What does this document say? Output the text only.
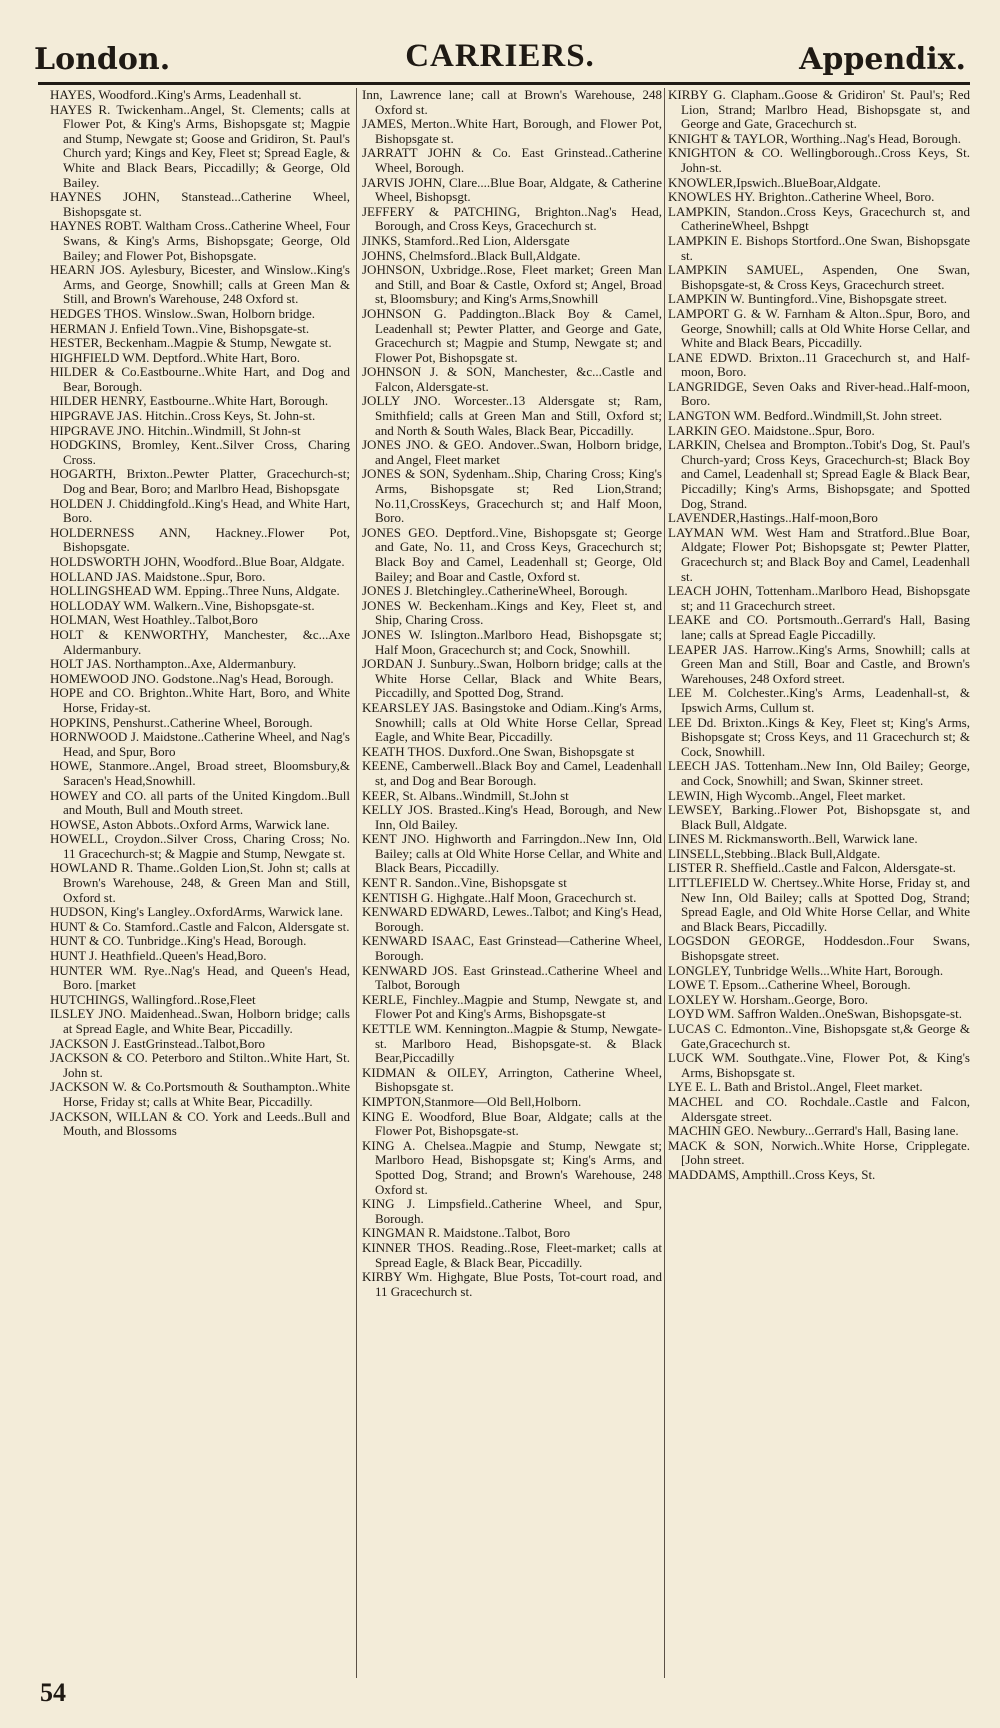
London.	CARRIERS.	Appendix.
HAYES, Woodford..King's Arms, Leadenhall st.
HAYES R. Twickenham..Angel, St. Clements; calls at Flower Pot, & King's Arms, Bishopsgate st; Magpie and Stump, Newgate st; Goose and Gridiron, St. Paul's Church yard; Kings and Key, Fleet st; Spread Eagle, & White and Black Bears, Piccadilly; & George, Old Bailey.
HAYNES JOHN, Stanstead...Catherine Wheel, Bishopsgate st.
HAYNES ROBT. Waltham Cross..Catherine Wheel, Four Swans, & King's Arms, Bishopsgate; George, Old Bailey; and Flower Pot, Bishopsgate.
HEARN JOS. Aylesbury, Bicester, and Winslow..King's Arms, and George, Snowhill; calls at Green Man & Still, and Brown's Warehouse, 248 Oxford st.
HEDGES THOS. Winslow..Swan, Holborn bridge.
HERMAN J. Enfield Town..Vine, Bishopsgate-st.
HESTER, Beckenham..Magpie & Stump, Newgate st.
HIGHFIELD WM. Deptford..White Hart, Boro.
HILDER & Co.Eastbourne..White Hart, and Dog and Bear, Borough.
HILDER HENRY, Eastbourne..White Hart, Borough.
HIPGRAVE JAS. Hitchin..Cross Keys, St. John-st.
HIPGRAVE JNO. Hitchin..Windmill, St John-st
HODGKINS, Bromley, Kent..Silver Cross, Charing Cross.
HOGARTH, Brixton..Pewter Platter, Gracechurch-st; Dog and Bear, Boro; and Marlbro Head, Bishopsgate
HOLDEN J. Chiddingfold..King's Head, and White Hart, Boro.
HOLDERNESS ANN, Hackney..Flower Pot, Bishopsgate.
HOLDSWORTH JOHN, Woodford..Blue Boar, Aldgate.
HOLLAND JAS. Maidstone..Spur, Boro.
HOLLINGSHEAD WM. Epping..Three Nuns, Aldgate.
HOLLODAY WM. Walkern..Vine, Bishopsgate-st.
HOLMAN, West Hoathley..Talbot,Boro
HOLT & KENWORTHY, Manchester, &c...Axe Aldermanbury.
HOLT JAS. Northampton..Axe, Aldermanbury.
HOMEWOOD JNO. Godstone..Nag's Head, Borough.
HOPE and CO. Brighton..White Hart, Boro, and White Horse, Friday-st.
HOPKINS, Penshurst..Catherine Wheel, Borough.
HORNWOOD J. Maidstone..Catherine Wheel, and Nag's Head, and Spur, Boro
HOWE, Stanmore..Angel, Broad street, Bloomsbury,& Saracen's Head,Snowhill.
HOWEY and CO. all parts of the United Kingdom..Bull and Mouth, Bull and Mouth street.
HOWSE, Aston Abbots..Oxford Arms, Warwick lane.
HOWELL, Croydon..Silver Cross, Charing Cross; No. 11 Gracechurch-st; & Magpie and Stump, Newgate st.
HOWLAND R. Thame..Golden Lion,St. John st; calls at Brown's Warehouse, 248, & Green Man and Still, Oxford st.
HUDSON, King's Langley..OxfordArms, Warwick lane.
HUNT & Co. Stamford..Castle and Falcon, Aldersgate st.
HUNT & CO. Tunbridge..King's Head, Borough.
HUNT J. Heathfield..Queen's Head,Boro.
HUNTER WM. Rye..Nag's Head, and Queen's Head, Boro. [market
HUTCHINGS, Wallingford..Rose,Fleet
ILSLEY JNO. Maidenhead..Swan, Holborn bridge; calls at Spread Eagle, and White Bear, Piccadilly.
JACKSON J. EastGrinstead..Talbot,Boro
JACKSON & CO. Peterboro and Stilton..White Hart, St. John st.
JACKSON W. & Co.Portsmouth & Southampton..White Horse, Friday st; calls at White Bear, Piccadilly.
JACKSON, WILLAN & CO. York and Leeds..Bull and Mouth, and Blossoms
Inn, Lawrence lane; call at Brown's Warehouse, 248 Oxford st.
JAMES, Merton..White Hart, Borough, and Flower Pot, Bishopsgate st.
JARRATT JOHN & Co. East Grinstead..Catherine Wheel, Borough.
JARVIS JOHN, Clare....Blue Boar, Aldgate, & Catherine Wheel, Bishopsgt.
JEFFERY & PATCHING, Brighton..Nag's Head, Borough, and Cross Keys, Gracechurch st.
JINKS, Stamford..Red Lion, Aldersgate
JOHNS, Chelmsford..Black Bull,Aldgate.
JOHNSON, Uxbridge..Rose, Fleet market; Green Man and Still, and Boar & Castle, Oxford st; Angel, Broad st, Bloomsbury; and King's Arms,Snowhill
JOHNSON G. Paddington..Black Boy & Camel, Leadenhall st; Pewter Platter, and George and Gate, Gracechurch st; Magpie and Stump, Newgate st; and Flower Pot, Bishopsgate st.
JOHNSON J. & SON, Manchester, &c...Castle and Falcon, Aldersgate-st.
JOLLY JNO. Worcester..13 Aldersgate st; Ram, Smithfield; calls at Green Man and Still, Oxford st; and North & South Wales, Black Bear, Piccadilly.
JONES JNO. & GEO. Andover..Swan, Holborn bridge, and Angel, Fleet market
JONES & SON, Sydenham..Ship, Charing Cross; King's Arms, Bishopsgate st; Red Lion,Strand; No.11,CrossKeys, Gracechurch st; and Half Moon, Boro.
JONES GEO. Deptford..Vine, Bishopsgate st; George and Gate, No. 11, and Cross Keys, Gracechurch st; Black Boy and Camel, Leadenhall st; George, Old Bailey; and Boar and Castle, Oxford st.
JONES J. Bletchingley..CatherineWheel, Borough.
JONES W. Beckenham..Kings and Key, Fleet st, and Ship, Charing Cross.
JONES W. Islington..Marlboro Head, Bishopsgate st; Half Moon, Gracechurch st; and Cock, Snowhill.
JORDAN J. Sunbury..Swan, Holborn bridge; calls at the White Horse Cellar, Black and White Bears, Piccadilly, and Spotted Dog, Strand.
KEARSLEY JAS. Basingstoke and Odiam..King's Arms, Snowhill; calls at Old White Horse Cellar, Spread Eagle, and White Bear, Piccadilly.
KEATH THOS. Duxford..One Swan, Bishopsgate st
KEENE, Camberwell..Black Boy and Camel, Leadenhall st, and Dog and Bear Borough.
KEER, St. Albans..Windmill, St.John st
KELLY JOS. Brasted..King's Head, Borough, and New Inn, Old Bailey.
KENT JNO. Highworth and Farringdon..New Inn, Old Bailey; calls at Old White Horse Cellar, and White and Black Bears, Piccadilly.
KENT R. Sandon..Vine, Bishopsgate st
KENTISH G. Highgate..Half Moon, Gracechurch st.
KENWARD EDWARD, Lewes..Talbot; and King's Head, Borough.
KENWARD ISAAC, East Grinstead—Catherine Wheel, Borough.
KENWARD JOS. East Grinstead..Catherine Wheel and Talbot, Borough
KERLE, Finchley..Magpie and Stump, Newgate st, and Flower Pot and King's Arms, Bishopsgate-st
KETTLE WM. Kennington..Magpie & Stump, Newgate-st. Marlboro Head, Bishopsgate-st. & Black Bear,Piccadilly
KIDMAN & OILEY, Arrington, Catherine Wheel, Bishopsgate st.
KIMPTON,Stanmore—Old Bell,Holborn.
KING E. Woodford, Blue Boar, Aldgate; calls at the Flower Pot, Bishopsgate-st.
KING A. Chelsea..Magpie and Stump, Newgate st; Marlboro Head, Bishopsgate st; King's Arms, and Spotted Dog, Strand; and Brown's Warehouse, 248 Oxford st.
KING J. Limpsfield..Catherine Wheel, and Spur, Borough.
KINGMAN R. Maidstone..Talbot, Boro
KINNER THOS. Reading..Rose, Fleet-market; calls at Spread Eagle, & Black Bear, Piccadilly.
KIRBY Wm. Highgate, Blue Posts, Tot-court road, and 11 Gracechurch st.
KIRBY G. Clapham..Goose & Gridiron' St. Paul's; Red Lion, Strand; Marlbro Head, Bishopsgate st, and George and Gate, Gracechurch st.
KNIGHT & TAYLOR, Worthing..Nag's Head, Borough.
KNIGHTON & CO. Wellingborough..Cross Keys, St. John-st.
KNOWLER,Ipswich..BlueBoar,Aldgate.
KNOWLES HY. Brighton..Catherine Wheel, Boro.
LAMPKIN, Standon..Cross Keys, Gracechurch st, and CatherineWheel, Bshpgt
LAMPKIN E. Bishops Stortford..One Swan, Bishopsgate st.
LAMPKIN SAMUEL, Aspenden, One Swan, Bishopsgate-st, & Cross Keys, Gracechurch street.
LAMPKIN W. Buntingford..Vine, Bishopsgate street.
LAMPORT G. & W. Farnham & Alton..Spur, Boro, and George, Snowhill; calls at Old White Horse Cellar, and White and Black Bears, Piccadilly.
LANE EDWD. Brixton..11 Gracechurch st, and Half-moon, Boro.
LANGRIDGE, Seven Oaks and River-head..Half-moon, Boro.
LANGTON WM. Bedford..Windmill,St. John street.
LARKIN GEO. Maidstone..Spur, Boro.
LARKIN, Chelsea and Brompton..Tobit's Dog, St. Paul's Church-yard; Cross Keys, Gracechurch-st; Black Boy and Camel, Leadenhall st; Spread Eagle & Black Bear, Piccadilly; King's Arms, Bishopsgate; and Spotted Dog, Strand.
LAVENDER,Hastings..Half-moon,Boro
LAYMAN WM. West Ham and Stratford..Blue Boar, Aldgate; Flower Pot; Bishopsgate st; Pewter Platter, Gracechurch st; and Black Boy and Camel, Leadenhall st.
LEACH JOHN, Tottenham..Marlboro Head, Bishopsgate st; and 11 Gracechurch street.
LEAKE and CO. Portsmouth..Gerrard's Hall, Basing lane; calls at Spread Eagle Piccadilly.
LEAPER JAS. Harrow..King's Arms, Snowhill; calls at Green Man and Still, Boar and Castle, and Brown's Warehouses, 248 Oxford street.
LEE M. Colchester..King's Arms, Leadenhall-st, & Ipswich Arms, Cullum st.
LEE Dd. Brixton..Kings & Key, Fleet st; King's Arms, Bishopsgate st; Cross Keys, and 11 Gracechurch st; & Cock, Snowhill.
LEECH JAS. Tottenham..New Inn, Old Bailey; George, and Cock, Snowhill; and Swan, Skinner street.
LEWIN, High Wycomb..Angel, Fleet market.
LEWSEY, Barking..Flower Pot, Bishopsgate st, and Black Bull, Aldgate.
LINES M. Rickmansworth..Bell, Warwick lane.
LINSELL,Stebbing..Black Bull,Aldgate.
LISTER R. Sheffield..Castle and Falcon, Aldersgate-st.
LITTLEFIELD W. Chertsey..White Horse, Friday st, and New Inn, Old Bailey; calls at Spotted Dog, Strand; Spread Eagle, and Old White Horse Cellar, and White and Black Bears, Piccadilly.
LOGSDON GEORGE, Hoddesdon..Four Swans, Bishopsgate street.
LONGLEY, Tunbridge Wells...White Hart, Borough.
LOWE T. Epsom...Catherine Wheel, Borough.
LOXLEY W. Horsham..George, Boro.
LOYD WM. Saffron Walden..OneSwan, Bishopsgate-st.
LUCAS C. Edmonton..Vine, Bishopsgate st,& George & Gate,Gracechurch st.
LUCK WM. Southgate..Vine, Flower Pot, & King's Arms, Bishopsgate st.
LYE E. L. Bath and Bristol..Angel, Fleet market.
MACHEL and CO. Rochdale..Castle and Falcon, Aldersgate street.
MACHIN GEO. Newbury...Gerrard's Hall, Basing lane.
MACK & SON, Norwich..White Horse, Cripplegate. [John street.
MADDAMS, Ampthill..Cross Keys, St.
54
